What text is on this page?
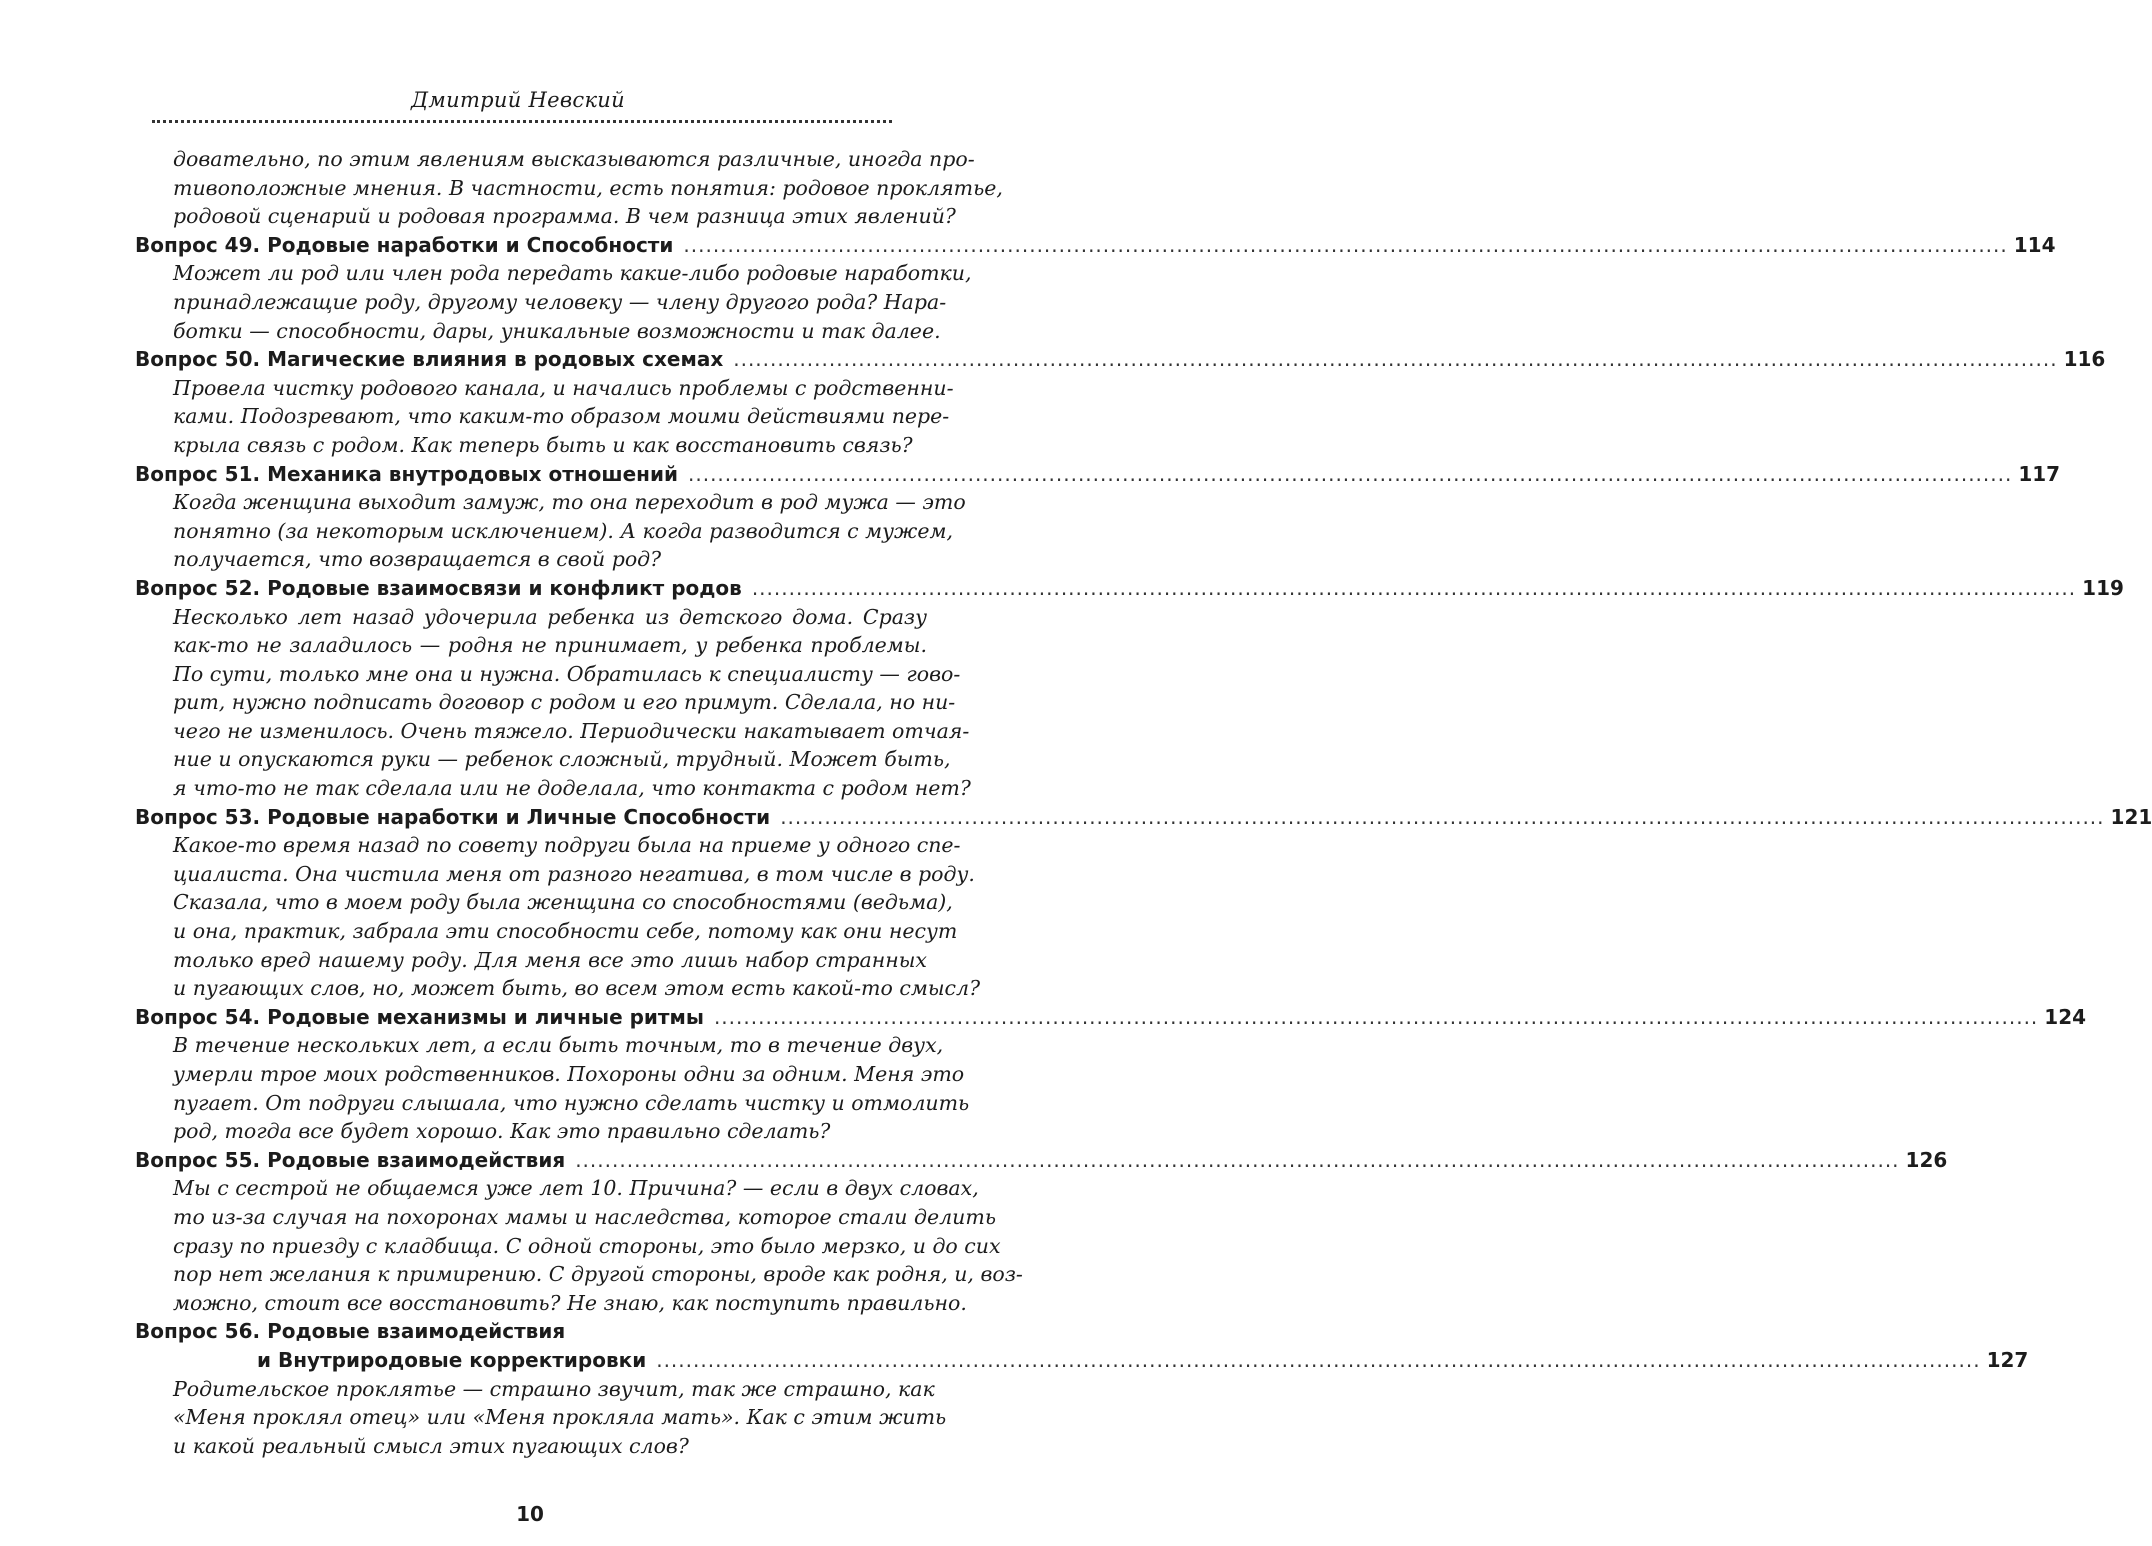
Дмитрий Невский
довательно, по этим явлениям высказываются различные, иногда про-
тивоположные мнения. В частности, есть понятия: родовое проклятье,
родовой сценарий и родовая программа. В чем разница этих явлений?
Вопрос 49. Родовые наработки и Способности .....	114
Может ли род или член рода передать какие-либо родовые наработки,
принадлежащие роду, другому человеку — члену другого рода? Нара-
ботки — способности, дары, уникальные возможности и так далее.
Вопрос 50. Магические влияния в родовых схемах .....	116
Провела чистку родового канала, и начались проблемы с родственни-
ками. Подозревают, что каким-то образом моими действиями пере-
крыла связь с родом. Как теперь быть и как восстановить связь?
Вопрос 51. Механика внутродовых отношений .....	117
Когда женщина выходит замуж, то она переходит в род мужа — это
понятно (за некоторым исключением). А когда разводится с мужем,
получается, что возвращается в свой род?
Вопрос 52. Родовые взаимосвязи и конфликт родов .....	119
Несколько лет назад удочерила ребенка из детского дома. Сразу
как-то не заладилось — родня не принимает, у ребенка проблемы.
По сути, только мне она и нужна. Обратилась к специалисту — гово-
рит, нужно подписать договор с родом и его примут. Сделала, но ни-
чего не изменилось. Очень тяжело. Периодически накатывает отчая-
ние и опускаются руки — ребенок сложный, трудный. Может быть,
я что-то не так сделала или не доделала, что контакта с родом нет?
Вопрос 53. Родовые наработки и Личные Способности .....	121
Какое-то время назад по совету подруги была на приеме у одного спе-
циалиста. Она чистила меня от разного негатива, в том числе в роду.
Сказала, что в моем роду была женщина со способностями (ведьма),
и она, практик, забрала эти способности себе, потому как они несут
только вред нашему роду. Для меня все это лишь набор странных
и пугающих слов, но, может быть, во всем этом есть какой-то смысл?
Вопрос 54. Родовые механизмы и личные ритмы .....	124
В течение нескольких лет, а если быть точным, то в течение двух,
умерли трое моих родственников. Похороны одни за одним. Меня это
пугает. От подруги слышала, что нужно сделать чистку и отмолить
род, тогда все будет хорошо. Как это правильно сделать?
Вопрос 55. Родовые взаимодействия .....	126
Мы с сестрой не общаемся уже лет 10. Причина? — если в двух словах,
то из-за случая на похоронах мамы и наследства, которое стали делить
сразу по приезду с кладбища. С одной стороны, это было мерзко, и до сих
пор нет желания к примирению. С другой стороны, вроде как родня, и, воз-
можно, стоит все восстановить? Не знаю, как поступить правильно.
Вопрос 56. Родовые взаимодействия
и Внутриродовые корректировки .....	127
Родительское проклятье — страшно звучит, так же страшно, как
«Меня проклял отец» или «Меня прокляла мать». Как с этим жить
и какой реальный смысл этих пугающих слов?
10
